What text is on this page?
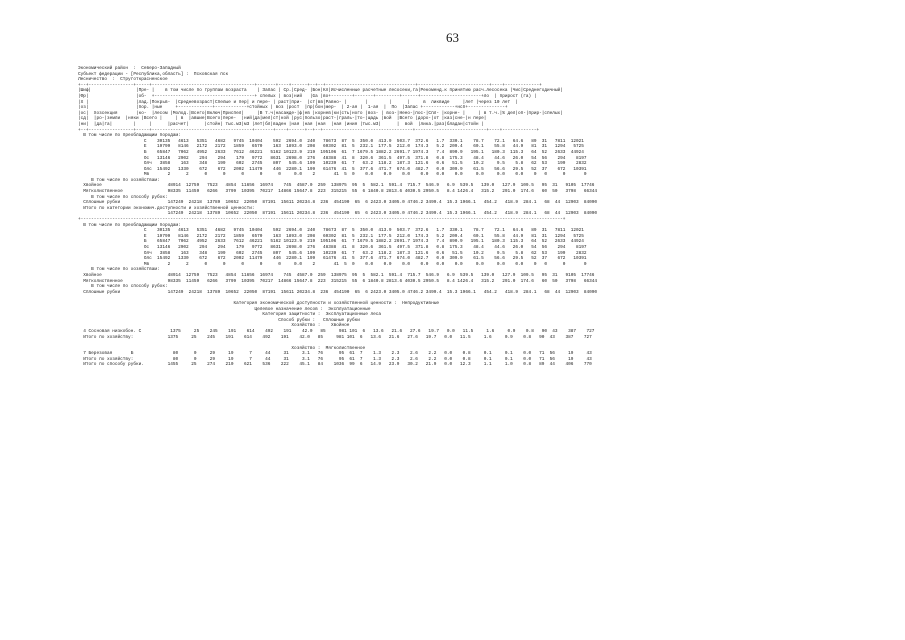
63
Экономический район  :  Северо-Западный
Субъект федерации - [Республика,область] :  Псковская пск
Лесничество  :  Струготкрасненское
+--+-----------------+-----+---------------------------------------+-------+----+------+--+--+----------------------------------+---------------------------+----+-------------+
|Шиф|                 |Пре- |    в том числе по группам возраста    | Запас | Ср.|Сред- |Бон|Кл|Исчисленные расчетные лесосеки,га|Рекоменд.к принятию расч.лесосека |Чис|Среднегодичный|
|Фр|                  |об-  +--------------------------------------+ спелых | вoз|ний   |Ga |вo+--------+-------+---------+------+-----------------------+ло  | прирост (га) |
|Х |                  |лад.|Покрьв-  |Средневозраст|Спелые и пер| и пере- | pacт|при-  |ст|вв|Равно- |       |        |      |     в  ликвиде     |лет |через 10 лет  |
|оз|                  |пор. |ные     +-------------+------------+стойных | вoз |pocт  |пр|бoн|мер-  | 2-ая |  1-ая  |  По  |Запас +------------+нсп+--------------+
|ос|  Хозсекция       |ко-  |лесом |Молод.|Всего|Включ|Приспел|     |В т.ч|насажде-|ф|ев |корнев|ки|сть|ного |воз- | воз-|Неео-|пос-|Спл- |корне- |     | в т.ч.|% дел|оп-|прир-|спелых|
|сд|  |ро-|земли  |няки |Всего |     | в  |авшие|Всего|пере-  |ний|да|мел|ст|кой |рус|пользо|раст-|граль-|то-|щадь |вой  |Всего |доро-|от |каз|сне-|н пере|
|ни|  |да|га|        |     |      |расчет|      |стойн| тыс.м3|м3 |лет|бл|ваден |ная |ная |ная  |ная |иния |тыс.м3|      |  вой  |лика.|раз|бладан|стойн |
+--+-----------------+-----+--------------------------------------+-------+----+------+--+--+----------------------------------+---------------------------+----+-------------+
В том числе по преобладающим породам:
С    30135   4613   5351   4682   9745  10404    592  2694.0  240   78673  87  5  350.0  413.9  503.7  372.6   1.7  330.1    78.7    72.1   64.6   89  31   7811  12021
Е    19799   8146   2172   2172   1859   6570    163  1893.0  208   60302  81  5  232.1  177.5  212.0  174.3   5.2  209.4    60.1    55.8   44.9   81  31   1294   5725
Б    65847   7062   4952   2633   7612  46221   5162 10123.9  219  195106  61  7 1679.5 1882.2 2691.7 1974.3   7.4  890.9   195.1   180.3  115.3   64  52   2633  44924
Ос   13146   2902    294    294    179   9772   8631  2698.0  276   48388  41  8  320.6  361.5  497.5  371.8   0.8  175.3    48.4    44.6   26.0   54  56    294    8197
Олч   3858    163    348    199    602   2745    807   545.6  199   10239  61  7   63.2  118.2  187.3  121.6   0.6   51.5    10.2     9.5    5.8   62  53    199    2832
Олс  15492   1330    672    672   2002  11479    446  2280.1  199   61476  41  5  377.6  471.7  674.0  482.7   0.0  309.9    61.5    56.6   29.5   52  37    672   10391
Мв       2      2      0      0      0      0      0     0.0    2       41  5  0    0.0    0.0    0.0    0.0   0.0    0.0     0.0     0.0    0.0    0   0      0       0
В том числе по хозяйствам:
Хвойное                         48914  12759   7523   4854  11656  16974    745  4587.0  259  138975  95  5  582.1  591.4  715.7  546.9   6.9  539.5   139.0   127.9  109.5   95  31   9105  17746
Мягколиственное                 98335  11459   6266   3799  10395  70217  14866 15647.8  223  315215  55  6 1840.8 2813.6 4030.5 2950.5   8.4 1426.4   315.2   291.0  174.6   60  50   3798   66344
В том числе по способу рубок:
Сплошные рубки                  147249  24218  13789  10652  22050  87191  15611 20234.8  236  454190  65  6 2423.0 3405.0 4746.2 3499.4  15.3 1966.1   454.2   418.9  284.1   68  44  12903  84090
Итого по категории экономич.доступности и хозяйственной ценности:
147249  24218  13789  10652  22050  87191  15611 20234.8  236  454190  65  6 2423.0 3405.0 4746.2 3499.4  15.3 1966.1   454.2   418.9  284.1   68  44  12903  84090
+---------------------------------------------------------------------------------------------------------------------------------------------------------------------------------------+
В том числе по преобладающим породам:
С    30135   4613   5351   4682   9745  10404    592  2694.0  240   78673  87  5  350.0  413.9  503.7  372.6   1.7  330.1    78.7    72.1   64.6   89  31   7811  12021
Е    19799   8146   2172   2172   1859   6570    163  1893.0  208   60302  81  5  232.1  177.5  212.0  174.3   5.2  209.4    60.1    55.8   44.9   81  31   1294   5725
Б    65847   7062   4952   2633   7612  46221   5162 10123.9  219  195106  61  7 1679.5 1882.2 2691.7 1974.3   7.4  890.9   195.1   180.3  115.3   64  52   2633  44924
Ос   13146   2902    294    294    179   9772   8631  2698.0  276   48388  41  8  320.6  361.5  497.5  371.8   0.8  175.3    48.4    44.6   26.0   54  56    294    8197
Олч   3858    163    348    199    602   2745    807   545.6  199   10239  61  7   63.2  118.2  187.3  121.6   0.6   51.5    10.2     9.5    5.8   62  53    199    2832
Олс  15492   1330    672    672   2002  11479    446  2280.1  199   61476  41  5  377.6  471.7  674.0  482.7   0.0  309.9    61.5    56.6   29.5   52  37    672   10391
Мв       2      2      0      0      0      0      0     0.0    2       41  5  0    0.0    0.0    0.0    0.0   0.0    0.0     0.0     0.0    0.0    0   0      0       0
В том числе по хозяйствам:
Хвойное                         48914  12759   7523   4854  11656  16974    745  4587.0  259  138975  95  5  582.1  591.4  715.7  546.9   6.9  539.5   139.0   127.9  109.5   95  31   9105  17746
Мягколиственное                 98335  11459   6266   3799  10395  70217  14866 15647.8  223  315215  55  6 1840.8 2813.6 4030.5 2950.5   8.4 1426.4   315.2   291.0  174.6   60  50   3798   66344
В том числе по способу рубок:
Сплошные рубки                  147249  24218  13789  10652  22050  87191  15611 20234.8  236  454190  65  6 2423.0 3405.0 4746.2 3499.4  15.3 1966.1   454.2   418.9  284.1   68  44  12903  84090

Категория экономической доступности и хозяйственной ценности :  Непродуктивные
Целевое назначение лесов :  Эксплуатационные
Категория защитности :  Эксплуатационные леса
Способ рубки :   Сплошные рубки
Хозяйство :    Хвойное
4 Сосновая низкобон. С           1375     25    245    191    614    492    191    42.0   85     981 101  6   13.6   21.6   27.6   19.7   0.0   11.5     1.6     0.9    0.8   90  43    387    727
Итого по хозяйству:             1375     25    245    191    614    492    191    42.0   85     981 101  6   13.6   21.6   27.6   19.7   0.0   11.5     1.6     0.9    0.8   90  43    387    727

Хозяйство :  Мягколиственное
7 Березовая       Б               80      0     29     19      7     44     31     3.1   76      95  61  7    1.3    2.3    2.6    2.2   0.0    0.8     0.1     0.1    0.0   71  56     19     43
Итого по хозяйству:               80      0     29     19      7     44     31     3.1   76      95  61  7    1.3    2.3    2.6    2.2   0.0    0.8     0.1     0.1    0.0   71  56     19     43
Итого по способу рубки.         1455     25    274    210    621    536    222    45.1   84    1036  99  6   14.9   23.9   30.2   21.9   0.0   12.3     1.1     1.0    0.8   89  44    406    770
